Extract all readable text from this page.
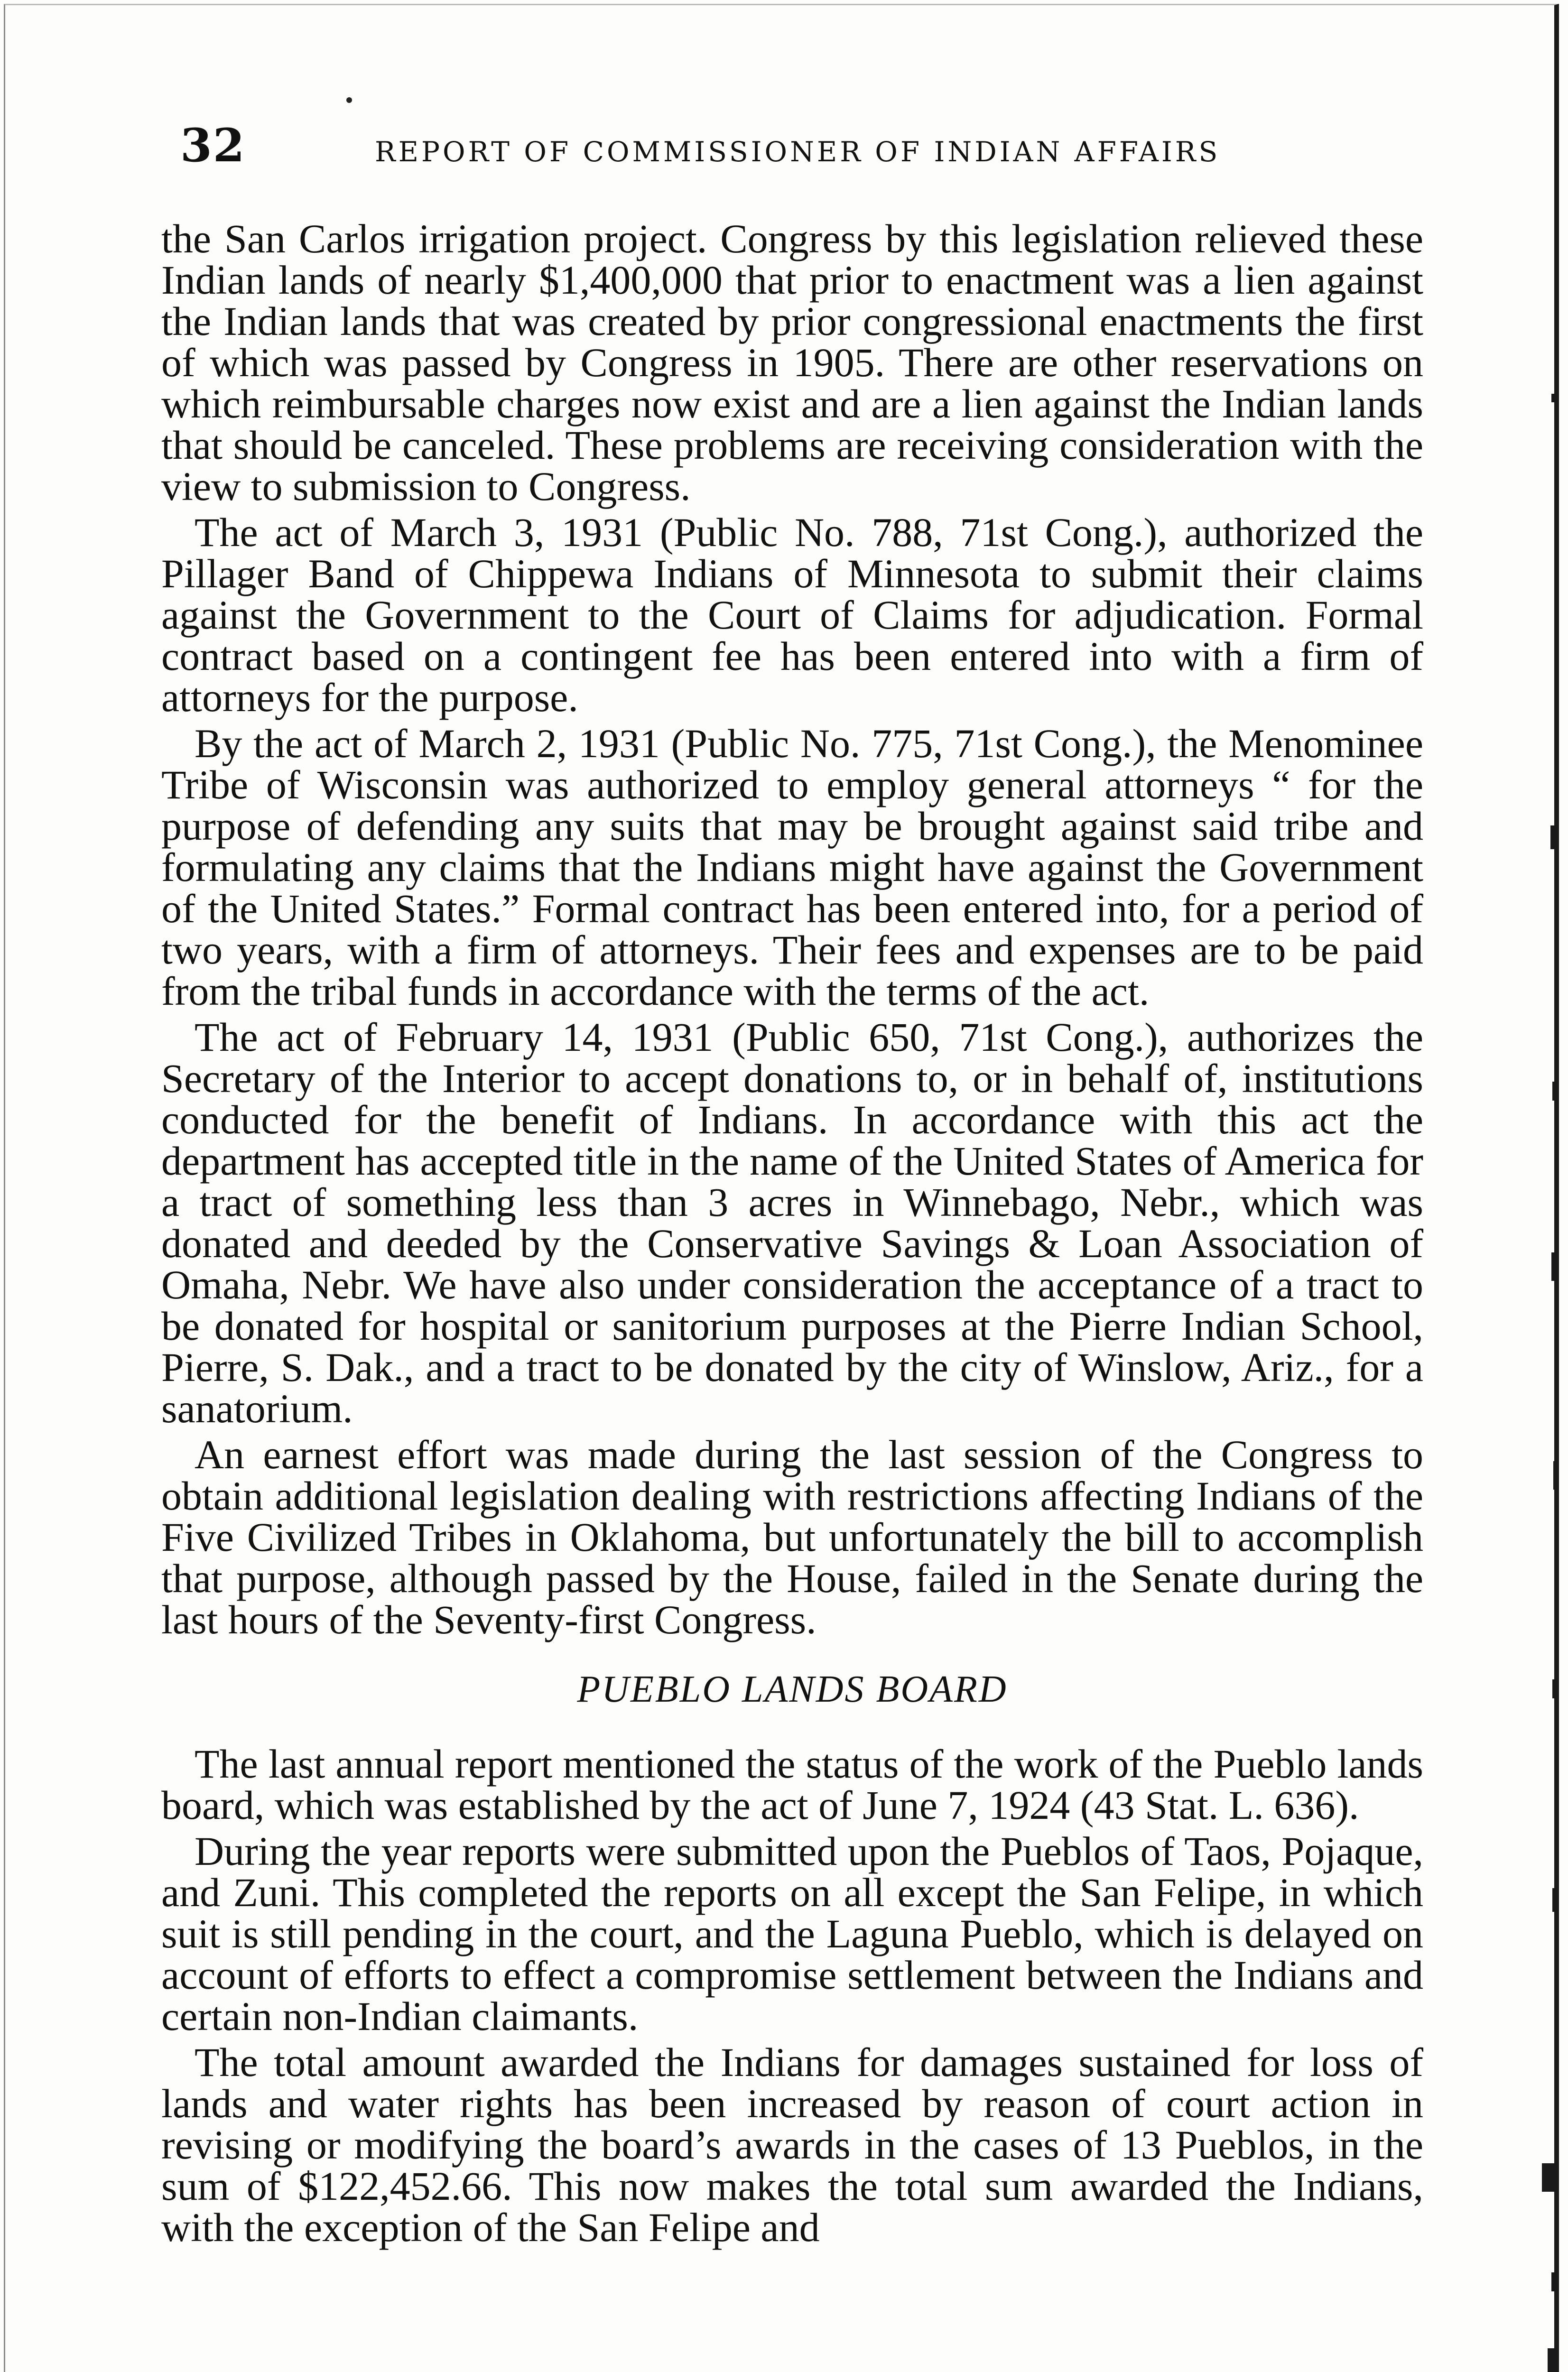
32	REPORT OF COMMISSIONER OF INDIAN AFFAIRS

the San Carlos irrigation project. Congress by this legislation relieved these Indian lands of nearly $1,400,000 that prior to enactment was a lien against the Indian lands that was created by prior congressional enactments the first of which was passed by Congress in 1905. There are other reservations on which reimbursable charges now exist and are a lien against the Indian lands that should be canceled. These problems are receiving consideration with the view to submission to Congress.

The act of March 3, 1931 (Public No. 788, 71st Cong.), authorized the Pillager Band of Chippewa Indians of Minnesota to submit their claims against the Government to the Court of Claims for adjudication. Formal contract based on a contingent fee has been entered into with a firm of attorneys for the purpose.

By the act of March 2, 1931 (Public No. 775, 71st Cong.), the Menominee Tribe of Wisconsin was authorized to employ general attorneys “ for the purpose of defending any suits that may be brought against said tribe and formulating any claims that the Indians might have against the Government of the United States.” Formal contract has been entered into, for a period of two years, with a firm of attorneys. Their fees and expenses are to be paid from the tribal funds in accordance with the terms of the act.

The act of February 14, 1931 (Public 650, 71st Cong.), authorizes the Secretary of the Interior to accept donations to, or in behalf of, institutions conducted for the benefit of Indians. In accordance with this act the department has accepted title in the name of the United States of America for a tract of something less than 3 acres in Winnebago, Nebr., which was donated and deeded by the Conservative Savings & Loan Association of Omaha, Nebr. We have also under consideration the acceptance of a tract to be donated for hospital or sanitorium purposes at the Pierre Indian School, Pierre, S. Dak., and a tract to be donated by the city of Winslow, Ariz., for a sanatorium.

An earnest effort was made during the last session of the Congress to obtain additional legislation dealing with restrictions affecting Indians of the Five Civilized Tribes in Oklahoma, but unfortunately the bill to accomplish that purpose, although passed by the House, failed in the Senate during the last hours of the Seventy-first Congress.

PUEBLO LANDS BOARD

The last annual report mentioned the status of the work of the Pueblo lands board, which was established by the act of June 7, 1924 (43 Stat. L. 636).

During the year reports were submitted upon the Pueblos of Taos, Pojaque, and Zuni. This completed the reports on all except the San Felipe, in which suit is still pending in the court, and the Laguna Pueblo, which is delayed on account of efforts to effect a compromise settlement between the Indians and certain non-Indian claimants.

The total amount awarded the Indians for damages sustained for loss of lands and water rights has been increased by reason of court action in revising or modifying the board’s awards in the cases of 13 Pueblos, in the sum of $122,452.66. This now makes the total sum awarded the Indians, with the exception of the San Felipe and
